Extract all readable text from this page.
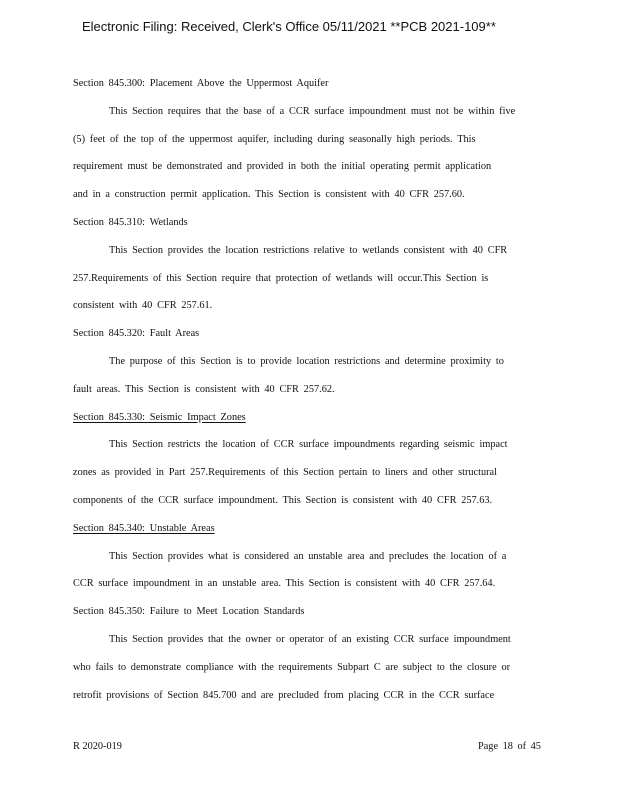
Electronic Filing: Received, Clerk's Office 05/11/2021 **PCB 2021-109**
Section 845.300: Placement Above the Uppermost Aquifer
This Section requires that the base of a CCR surface impoundment must not be within five
(5) feet of the top of the uppermost aquifer, including during seasonally high periods. This
requirement must be demonstrated and provided in both the initial operating permit application
and in a construction permit application. This Section is consistent with 40 CFR 257.60.
Section 845.310: Wetlands
This Section provides the location restrictions relative to wetlands consistent with 40 CFR
257.Requirements of this Section require that protection of wetlands will occur.This Section is
consistent with 40 CFR 257.61.
Section 845.320: Fault Areas
The purpose of this Section is to provide location restrictions and determine proximity to
fault areas. This Section is consistent with 40 CFR 257.62.
Section 845.330: Seismic Impact Zones
This Section restricts the location of CCR surface impoundments regarding seismic impact
zones as provided in Part 257.Requirements of this Section pertain to liners and other structural
components of the CCR surface impoundment. This Section is consistent with 40 CFR 257.63.
Section 845.340: Unstable Areas
This Section provides what is considered an unstable area and precludes the location of a
CCR surface impoundment in an unstable area. This Section is consistent with 40 CFR 257.64.
Section 845.350: Failure to Meet Location Standards
This Section provides that the owner or operator of an existing CCR surface impoundment
who fails to demonstrate compliance with the requirements Subpart C are subject to the closure or
retrofit provisions of Section 845.700 and are precluded from placing CCR in the CCR surface
R 2020-019	Page 18 of 45
